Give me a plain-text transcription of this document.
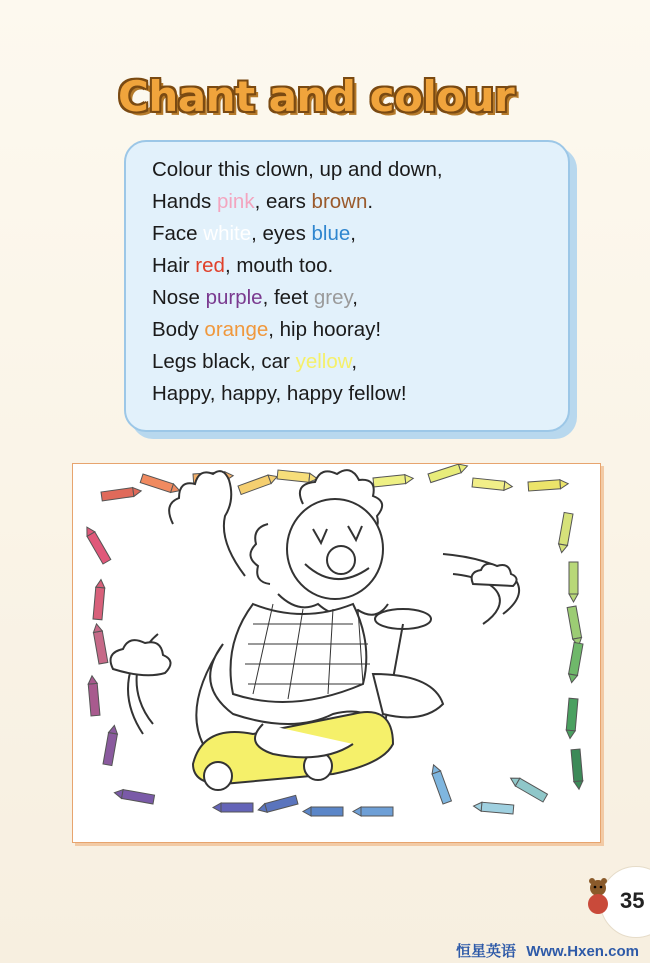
Chant and colour
Colour this clown, up and down,
Hands pink, ears brown.
Face white, eyes blue,
Hair red, mouth too.
Nose purple, feet grey,
Body orange, hip hooray!
Legs black, car yellow,
Happy, happy, happy fellow!
35
恒星英语 Www.Hxen.com
